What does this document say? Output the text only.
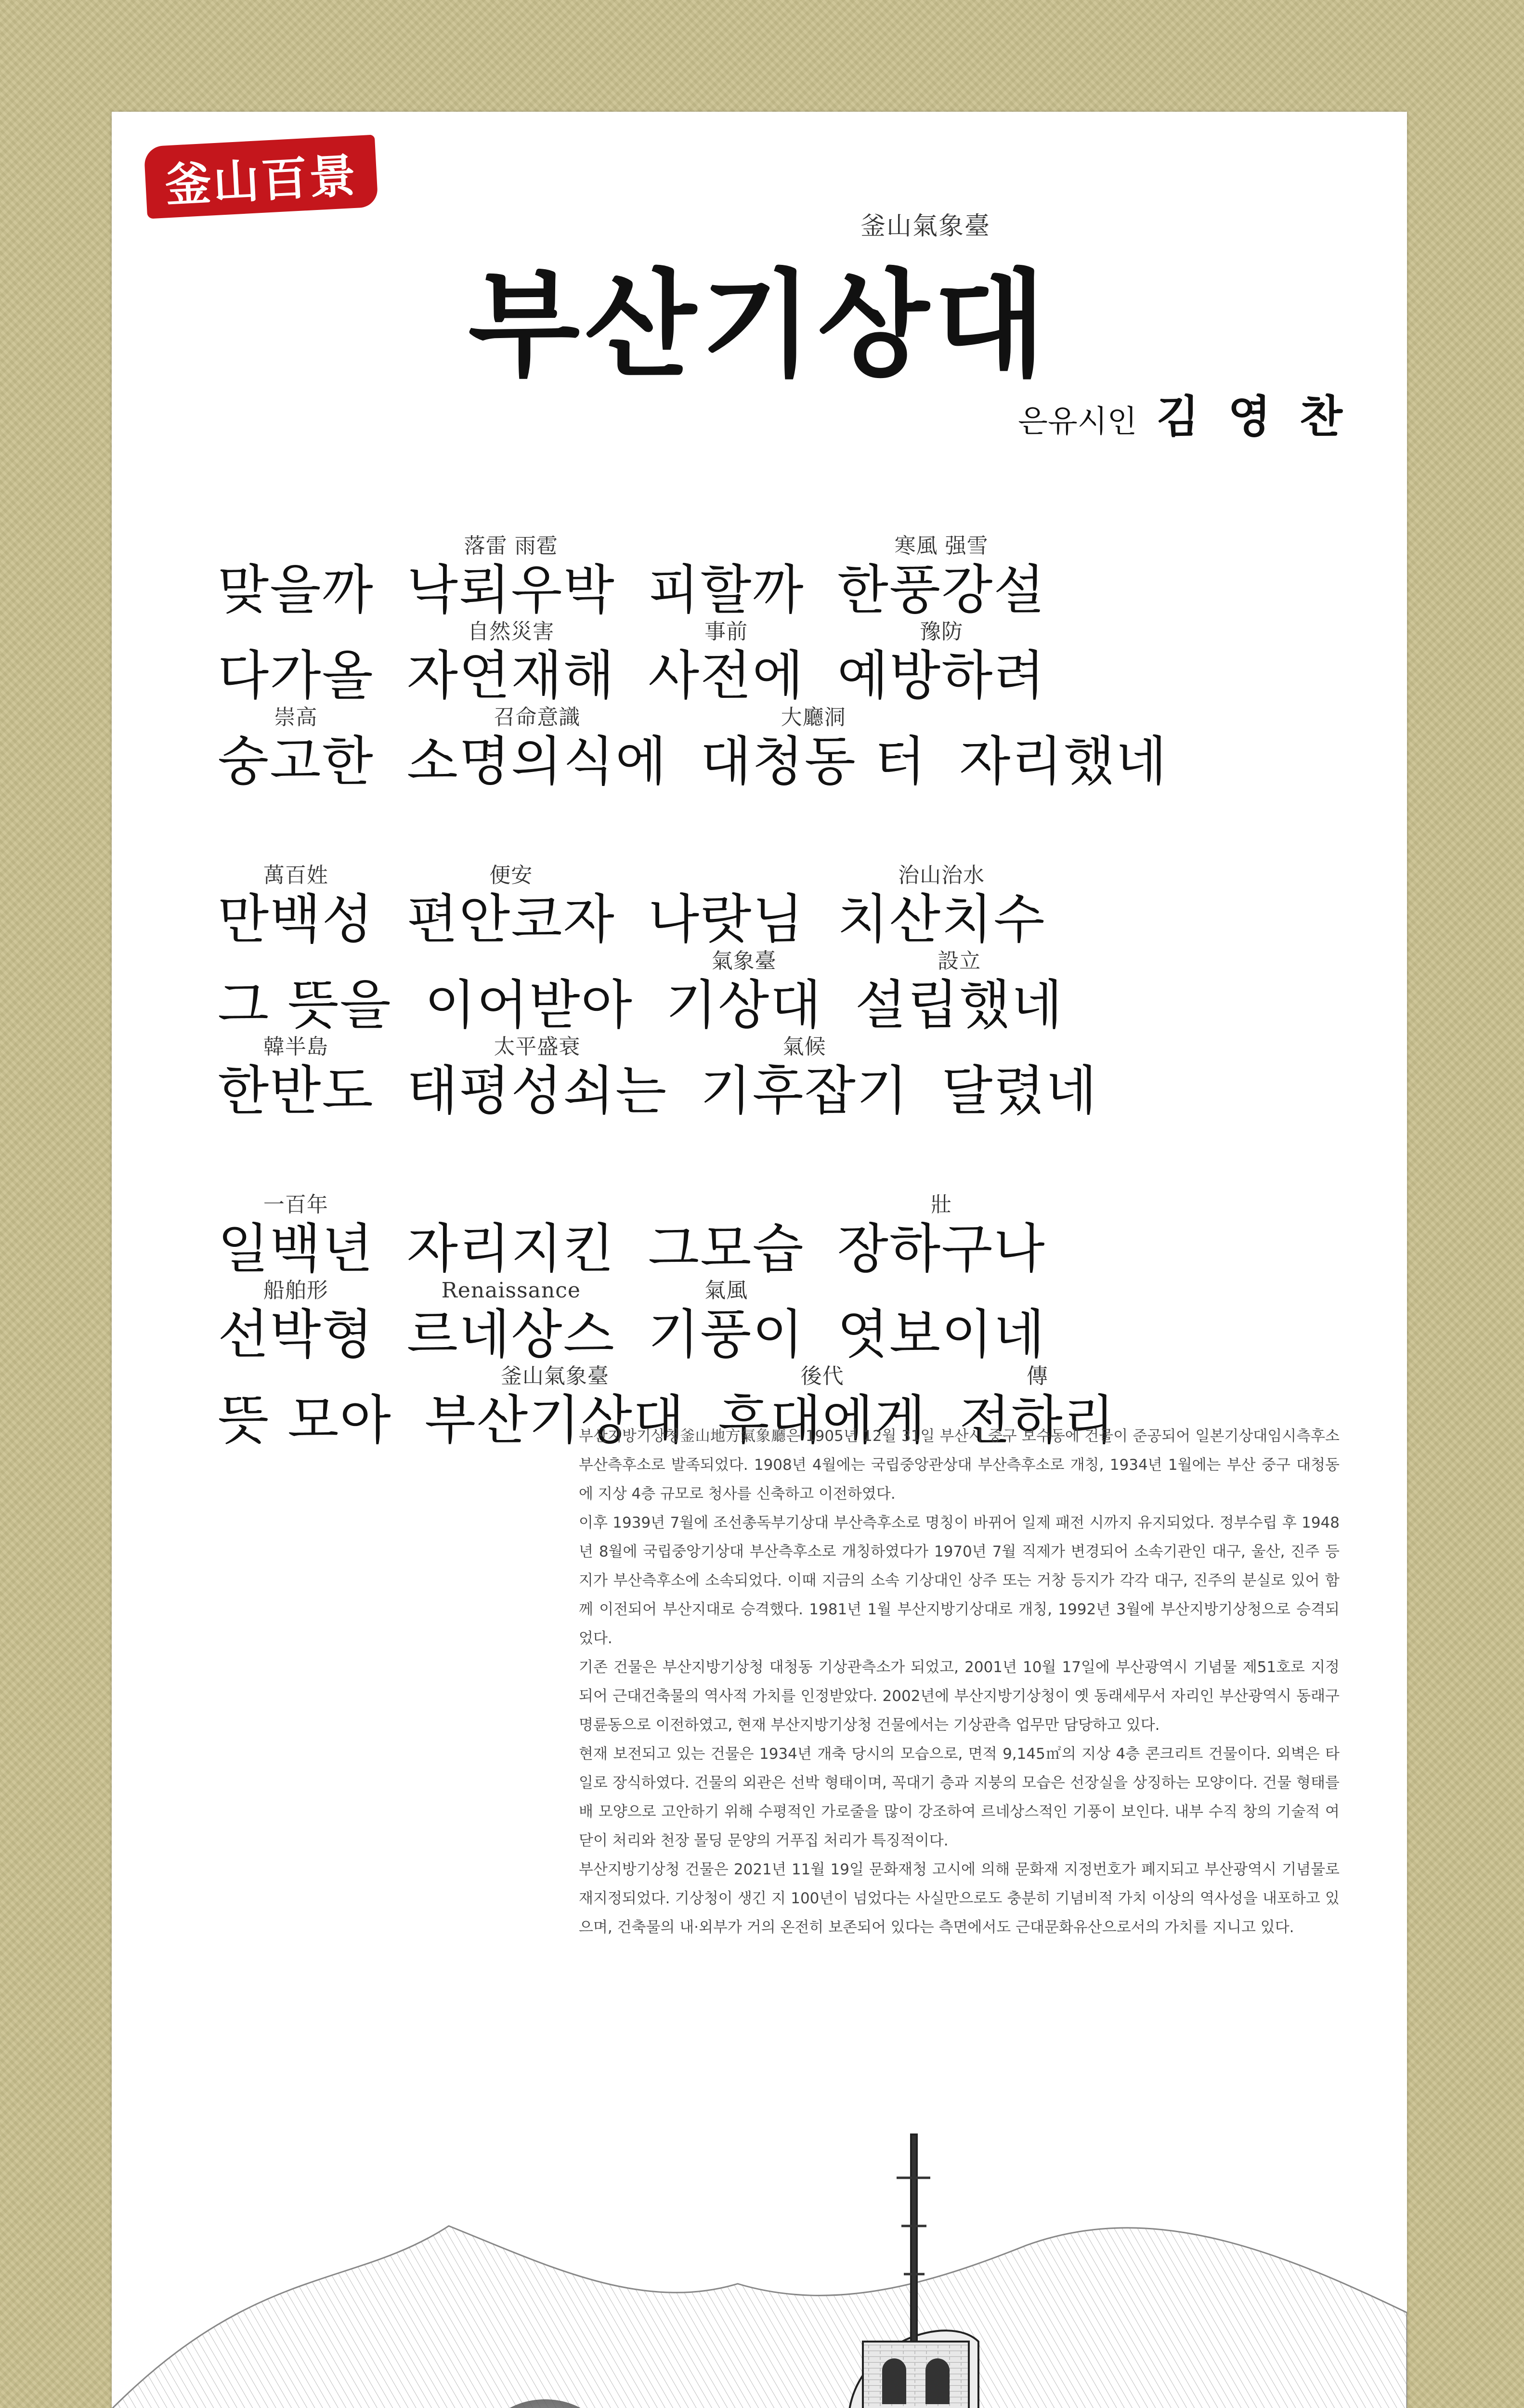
釜山百景
釜山氣象臺
부산기상대
은유시인 김 영 찬
맞을까 낙뢰우박
落雷 雨雹
피할까 한풍강설
寒風 强雪
다가올 자연재해
自然災害
사전에
事前
예방하려
豫防
숭고한
崇高
소명의식에
召命意識
대청동 터
大廳洞
자리했네
만백성
萬百姓
편안코자
便安
나랏님 치산치수
治山治水
그 뜻을 이어받아 기상대
氣象臺
설립했네
設立
한반도
韓半島
태평성쇠는
太平盛衰
기후잡기
氣候
달렸네
일백년
一百年
자리지킨 그모습 장하구나
壯
선박형
船舶形
르네상스
Renaissance
기풍이
氣風
엿보이네
뜻 모아 부산기상대
釜山氣象臺
후대에게
後代
전하리
傳

부산지방기상청釜山地方氣象廳은 1905년 12월 31일 부산시 중구 보수동에 건물이 준공되어 일본기상대임시측후소 부산측후소로 발족되었다. 1908년 4월에는 국립중앙관상대 부산측후소로 개칭, 1934년 1월에는 부산 중구 대청동에 지상 4층 규모로 청사를 신축하고 이전하였다.

이후 1939년 7월에 조선총독부기상대 부산측후소로 명칭이 바뀌어 일제 패전 시까지 유지되었다. 정부수립 후 1948년 8월에 국립중앙기상대 부산측후소로 개칭하였다가 1970년 7월 직제가 변경되어 소속기관인 대구, 울산, 진주 등지가 부산측후소에 소속되었다. 이때 지금의 소속 기상대인 상주 또는 거창 등지가 각각 대구, 진주의 분실로 있어 함께 이전되어 부산지대로 승격했다. 1981년 1월 부산지방기상대로 개칭, 1992년 3월에 부산지방기상청으로 승격되었다.

기존 건물은 부산지방기상청 대청동 기상관측소가 되었고, 2001년 10월 17일에 부산광역시 기념물 제51호로 지정되어 근대건축물의 역사적 가치를 인정받았다. 2002년에 부산지방기상청이 옛 동래세무서 자리인 부산광역시 동래구 명륜동으로 이전하였고, 현재 부산지방기상청 건물에서는 기상관측 업무만 담당하고 있다.

현재 보전되고 있는 건물은 1934년 개축 당시의 모습으로, 면적 9,145㎡의 지상 4층 콘크리트 건물이다. 외벽은 타일로 장식하였다. 건물의 외관은 선박 형태이며, 꼭대기 층과 지붕의 모습은 선장실을 상징하는 모양이다. 건물 형태를 배 모양으로 고안하기 위해 수평적인 가로줄을 많이 강조하여 르네상스적인 기풍이 보인다. 내부 수직 창의 기술적 여닫이 처리와 천장 몰딩 문양의 거푸집 처리가 특징적이다.

부산지방기상청 건물은 2021년 11월 19일 문화재청 고시에 의해 문화재 지정번호가 폐지되고 부산광역시 기념물로 재지정되었다. 기상청이 생긴 지 100년이 넘었다는 사실만으로도 충분히 기념비적 가치 이상의 역사성을 내포하고 있으며, 건축물의 내·외부가 거의 온전히 보존되어 있다는 측면에서도 근대문화유산으로서의 가치를 지니고 있다.
